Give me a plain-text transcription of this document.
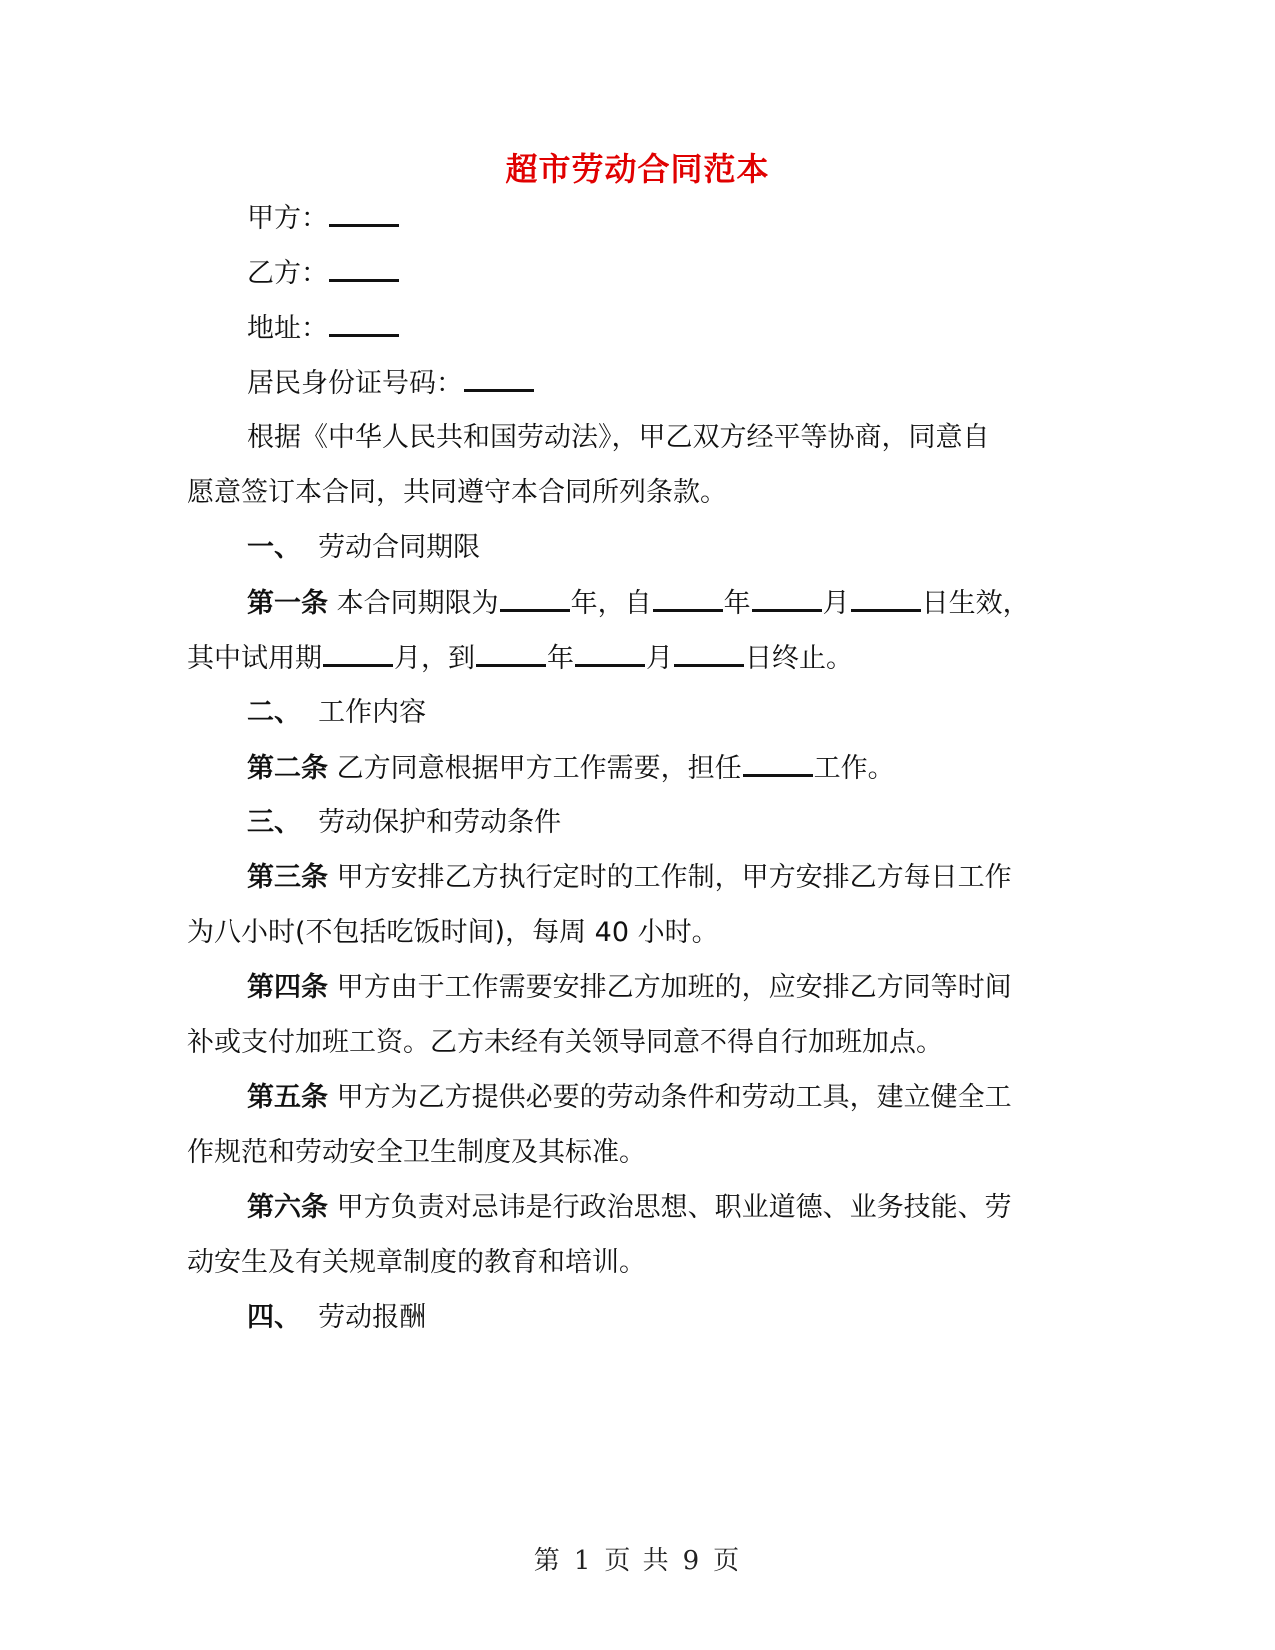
超市劳动合同范本
甲方：
乙方：
地址：
居民身份证号码：
根据《中华人民共和国劳动法》，甲乙双方经平等协商，同意自
愿意签订本合同，共同遵守本合同所列条款。
一、 劳动合同期限
第一条 本合同期限为	年，自	年	月	日生效，
其中试用期	月，到	年	月	日终止。
二、 工作内容
第二条 乙方同意根据甲方工作需要，担任	工作。
三、 劳动保护和劳动条件
第三条 甲方安排乙方执行定时的工作制，甲方安排乙方每日工作
为八小时(不包括吃饭时间)，每周 40 小时。
第四条 甲方由于工作需要安排乙方加班的，应安排乙方同等时间
补或支付加班工资。乙方未经有关领导同意不得自行加班加点。
第五条 甲方为乙方提供必要的劳动条件和劳动工具，建立健全工
作规范和劳动安全卫生制度及其标准。
第六条 甲方负责对忌讳是行政治思想、职业道德、业务技能、劳
动安生及有关规章制度的教育和培训。
四、 劳动报酬
第 1 页 共 9 页
